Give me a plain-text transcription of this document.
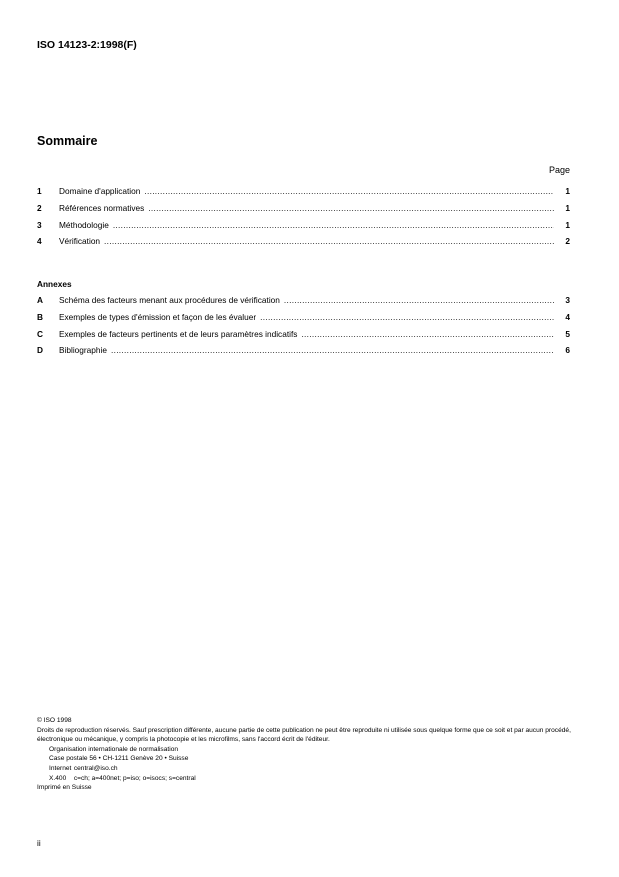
ISO 14123-2:1998(F)
Sommaire
Page
1	Domaine d'application .....	1
2	Références normatives .....	1
3	Méthodologie .....	1
4	Vérification .....	2
Annexes
A	Schéma des facteurs menant aux procédures de vérification .....	3
B	Exemples de types d'émission et façon de les évaluer .....	4
C	Exemples de facteurs pertinents et de leurs paramètres indicatifs .....	5
D	Bibliographie .....	6
© ISO 1998
Droits de reproduction réservés. Sauf prescription différente, aucune partie de cette publication ne peut être reproduite ni utilisée sous quelque forme que ce soit et par aucun procédé, électronique ou mécanique, y compris la photocopie et les microfilms, sans l'accord écrit de l'éditeur.
Organisation internationale de normalisation
Case postale 56 • CH-1211 Genève 20 • Suisse
Internet central@iso.ch
X.400 c=ch; a=400net; p=iso; o=isocs; s=central
Imprimé en Suisse
ii
